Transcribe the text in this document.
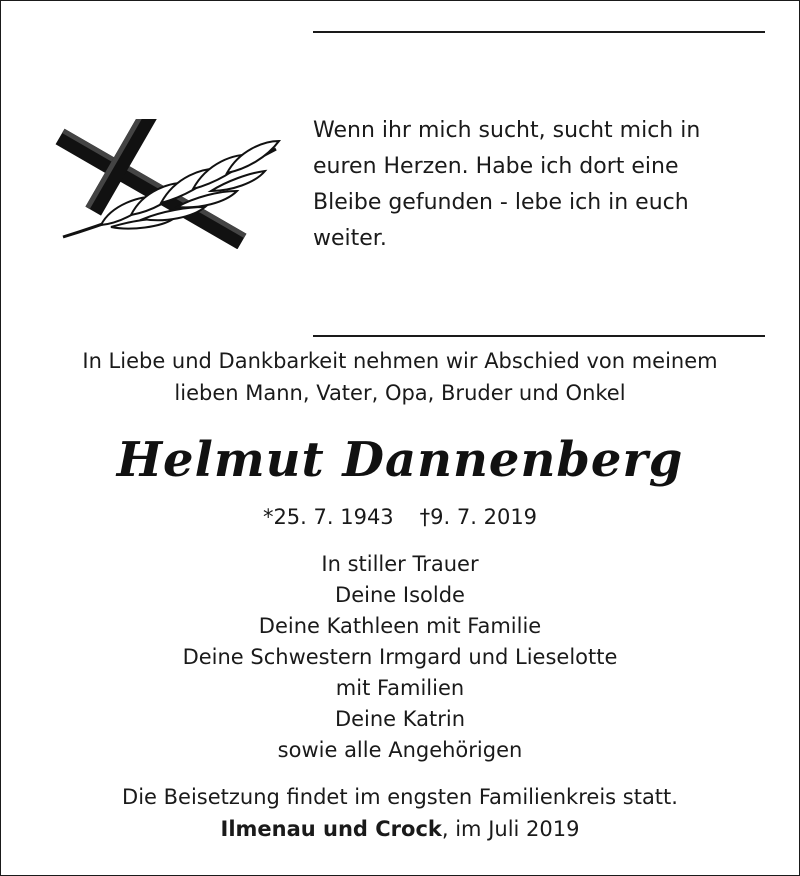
Wenn ihr mich sucht, sucht mich in
euren Herzen. Habe ich dort eine
Bleibe gefunden - lebe ich in euch
weiter.

In Liebe und Dankbarkeit nehmen wir Abschied von meinem
lieben Mann, Vater, Opa, Bruder und Onkel

Helmut Dannenberg
*25. 7. 1943 †9. 7. 2019
In stiller Trauer
Deine Isolde
Deine Kathleen mit Familie
Deine Schwestern Irmgard und Lieselotte
mit Familien
Deine Katrin
sowie alle Angehörigen

Die Beisetzung findet im engsten Familienkreis statt.

Ilmenau und Crock, im Juli 2019
